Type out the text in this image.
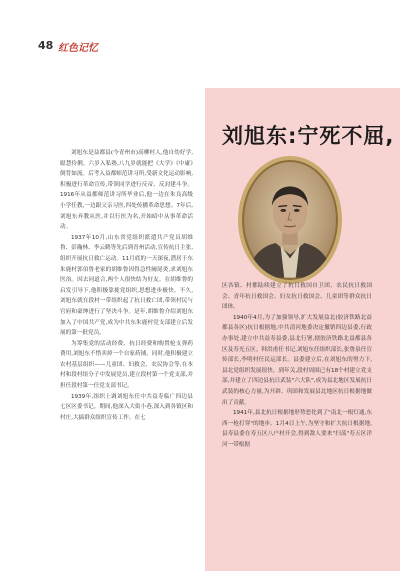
48 红色记忆
刘旭东:宁死不屈,

刘旭东是益都县(今青州市)高柳村人,他自幼好学,聪慧伶俐。六岁入私塾,八九岁就能把《大学》《中庸》倒背如流。后考入益都师范讲习所,受新文化运动影响,积极进行革命宣传,带领同学进行反帝、反封建斗争。1916年从益都师范讲习所毕业后,他一边在朱良高级小学任教,一边跟父亲习医,四处传播革命思想。7年后,刘旭东弃教从医,并以行医为名,开始暗中从事革命活动。

1937年10月,山东省党组织派遣共产党员胡维鲁、彭瀚林、李云鹤等先后到青州活动,宣传抗日主张,组织开展抗日救亡运动。11月底的一天深夜,潜居于东朱鹿村郭伯鲁老家的胡维鲁因得急性阑尾炎,求刘旭东医治。因去同道合,两个人很快结为好友。在胡维鲁的启发引导下,他积极靠拢党组织,思想进步极快。不久,刘旭东就在段村一带组织起了抗日救亡团,带领村民与官府和豪绅进行了坚决斗争。是年,胡维鲁介绍刘旭东加入了中国共产党,成为中共东朱鹿村党支部建立后发展的第一批党员。

为筹集党的活动经费、抗日经费和购置枪支弹药费用,刘旭东不惜卖掉一个自家药铺。同时,他积极建立农村基层组织——儿童团、妇救会、农民协会等,在本村和段村组分子中发展党员,建立段村第一个党支部,并担任段村第一任党支部书记。

1939年,组织上调刘旭东任中共益寿临广四边县七区区委书记。期间,他深入大街小巷,深入到各镇区和村庄,大搞群众组织宣传工作。在七

区各镇、村都陆续建立了抗日救国自卫团、农民抗日救国会、青年抗日救国会、妇女抗日救国会、儿童团等群众抗日团体。

1940年4月,为了加强领导,扩大发展益北(胶济铁路北益都县各区)抗日根据地,中共清河地委决定撤销四边县委,行政办事处,建立中共益寿县委,县北行署,辖胶济铁路北益都县各区及寿光五区。韩洪甫任书记,刘旭东任组织部长,张鲁泉任宣传部长,李明村任民运部长。县委建立后,在刘旭东的努力下,县北党组织发展很快。到年关,段村周围已有18个村建立党支部,并建立了四边县抗日武装"六大队",成为县北地区发展抗日武装的核心力量,为开辟、巩固和发展县北地区抗日根据地做出了贡献。

1941年,县北抗日根据地形势恶化到了"南北一根灯通,东西一枪打穿"的地步。1月4日上午,为坚守和扩大抗日根据地,县寿县委在寿五区八户村开会,得到敌人要来"扫荡"寿五区洋河一带根据
